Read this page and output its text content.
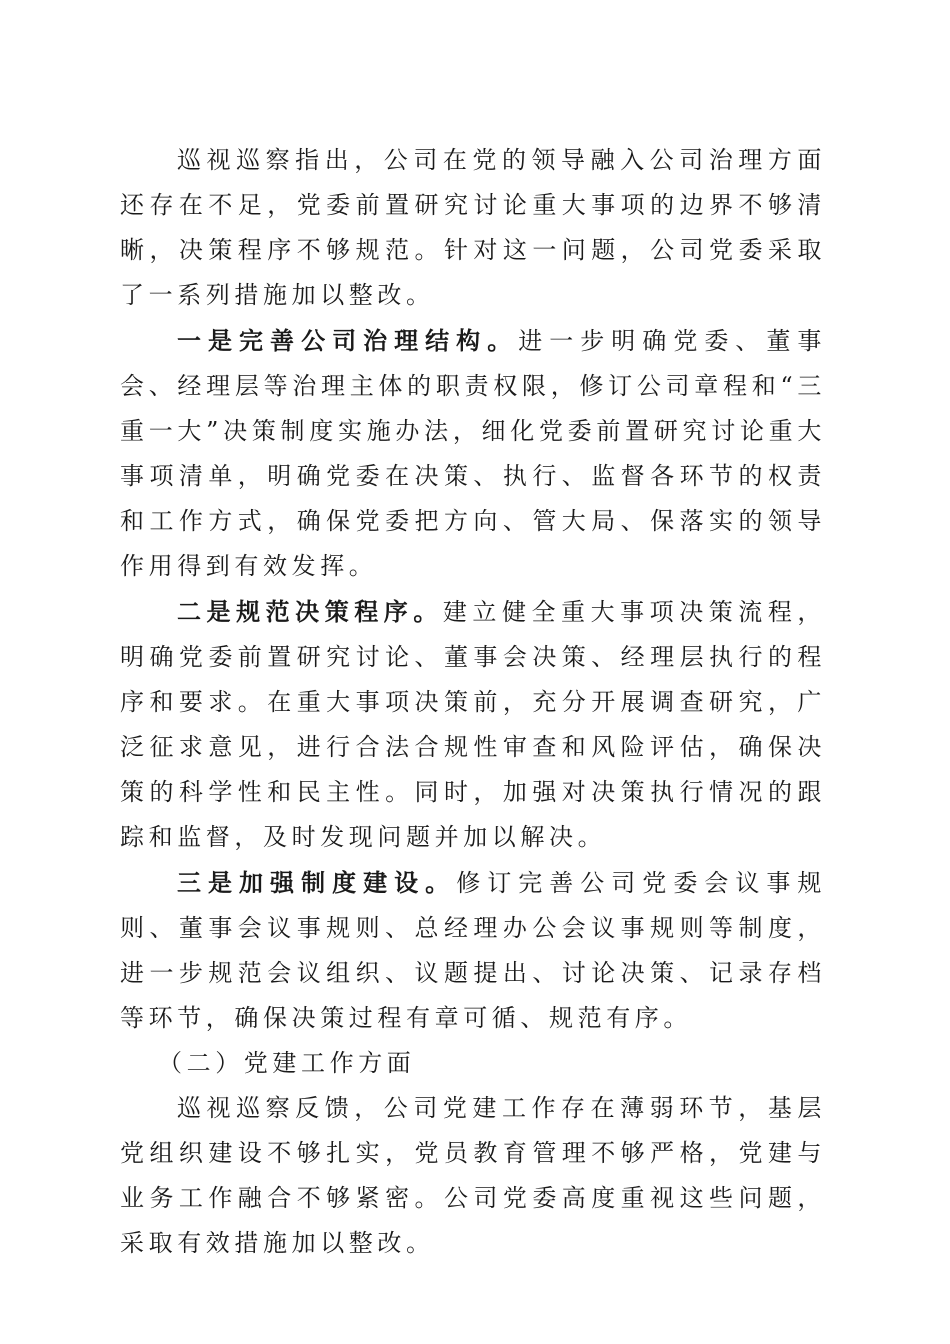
巡视巡察指出，公司在党的领导融入公司治理方面还存在不足，党委前置研究讨论重大事项的边界不够清晰，决策程序不够规范。针对这一问题，公司党委采取了一系列措施加以整改。

一是完善公司治理结构。进一步明确党委、董事会、经理层等治理主体的职责权限，修订公司章程和“三重一大”决策制度实施办法，细化党委前置研究讨论重大事项清单，明确党委在决策、执行、监督各环节的权责和工作方式，确保党委把方向、管大局、保落实的领导作用得到有效发挥。

二是规范决策程序。建立健全重大事项决策流程，明确党委前置研究讨论、董事会决策、经理层执行的程序和要求。在重大事项决策前，充分开展调查研究，广泛征求意见，进行合法合规性审查和风险评估，确保决策的科学性和民主性。同时，加强对决策执行情况的跟踪和监督，及时发现问题并加以解决。

三是加强制度建设。修订完善公司党委会议事规则、董事会议事规则、总经理办公会议事规则等制度，进一步规范会议组织、议题提出、讨论决策、记录存档等环节，确保决策过程有章可循、规范有序。

（二）党建工作方面

巡视巡察反馈，公司党建工作存在薄弱环节，基层党组织建设不够扎实，党员教育管理不够严格，党建与业务工作融合不够紧密。公司党委高度重视这些问题，采取有效措施加以整改。
